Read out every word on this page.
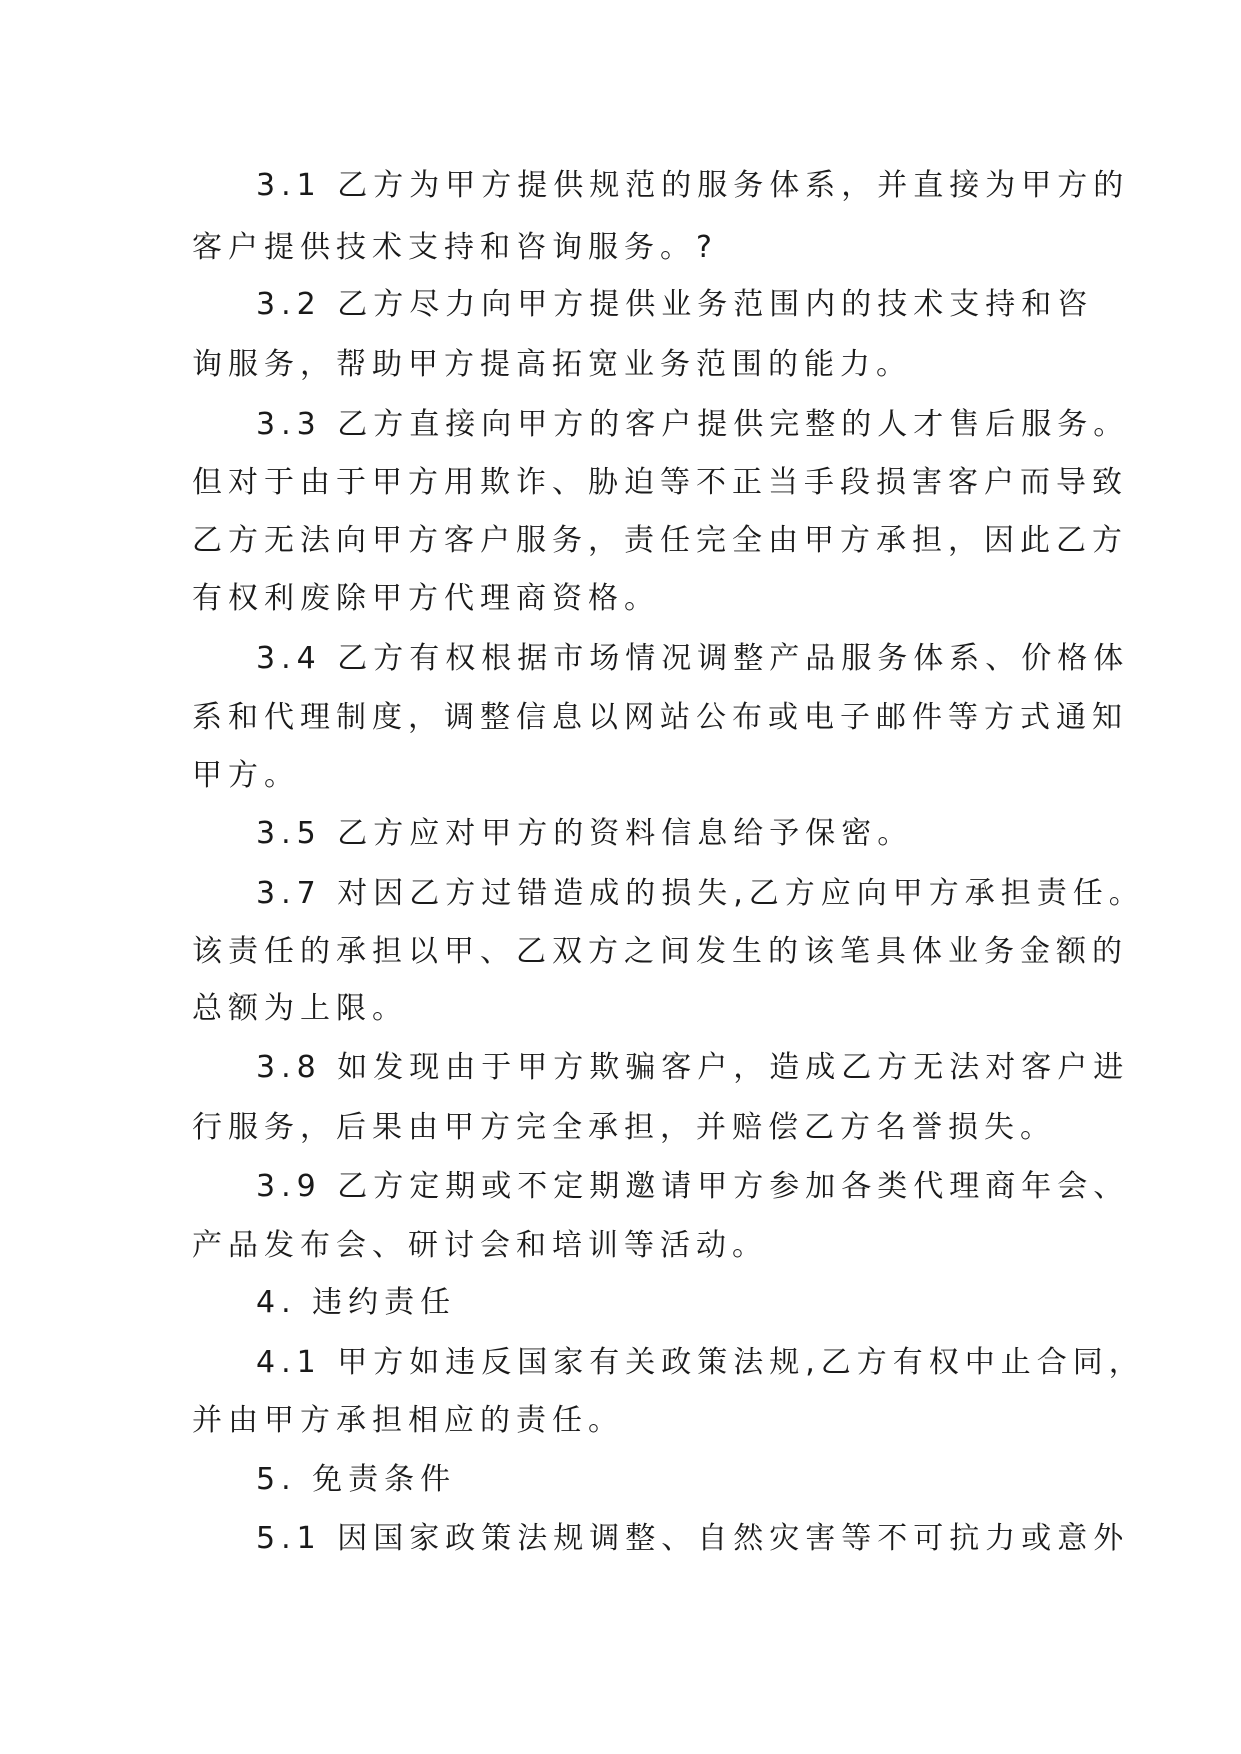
3.1 乙方为甲方提供规范的服务体系，并直接为甲方的

客户提供技术支持和咨询服务。?

3.2 乙方尽力向甲方提供业务范围内的技术支持和咨

询服务，帮助甲方提高拓宽业务范围的能力。

3.3 乙方直接向甲方的客户提供完整的人才售后服务。

但对于由于甲方用欺诈、胁迫等不正当手段损害客户而导致

乙方无法向甲方客户服务，责任完全由甲方承担，因此乙方

有权利废除甲方代理商资格。

3.4 乙方有权根据市场情况调整产品服务体系、价格体

系和代理制度，调整信息以网站公布或电子邮件等方式通知

甲方。

3.5 乙方应对甲方的资料信息给予保密。

3.7 对因乙方过错造成的损失,乙方应向甲方承担责任。

该责任的承担以甲、乙双方之间发生的该笔具体业务金额的

总额为上限。

3.8 如发现由于甲方欺骗客户，造成乙方无法对客户进

行服务，后果由甲方完全承担，并赔偿乙方名誉损失。

3.9 乙方定期或不定期邀请甲方参加各类代理商年会、

产品发布会、研讨会和培训等活动。

4. 违约责任

4.1 甲方如违反国家有关政策法规,乙方有权中止合同，

并由甲方承担相应的责任。

5. 免责条件

5.1 因国家政策法规调整、自然灾害等不可抗力或意外
